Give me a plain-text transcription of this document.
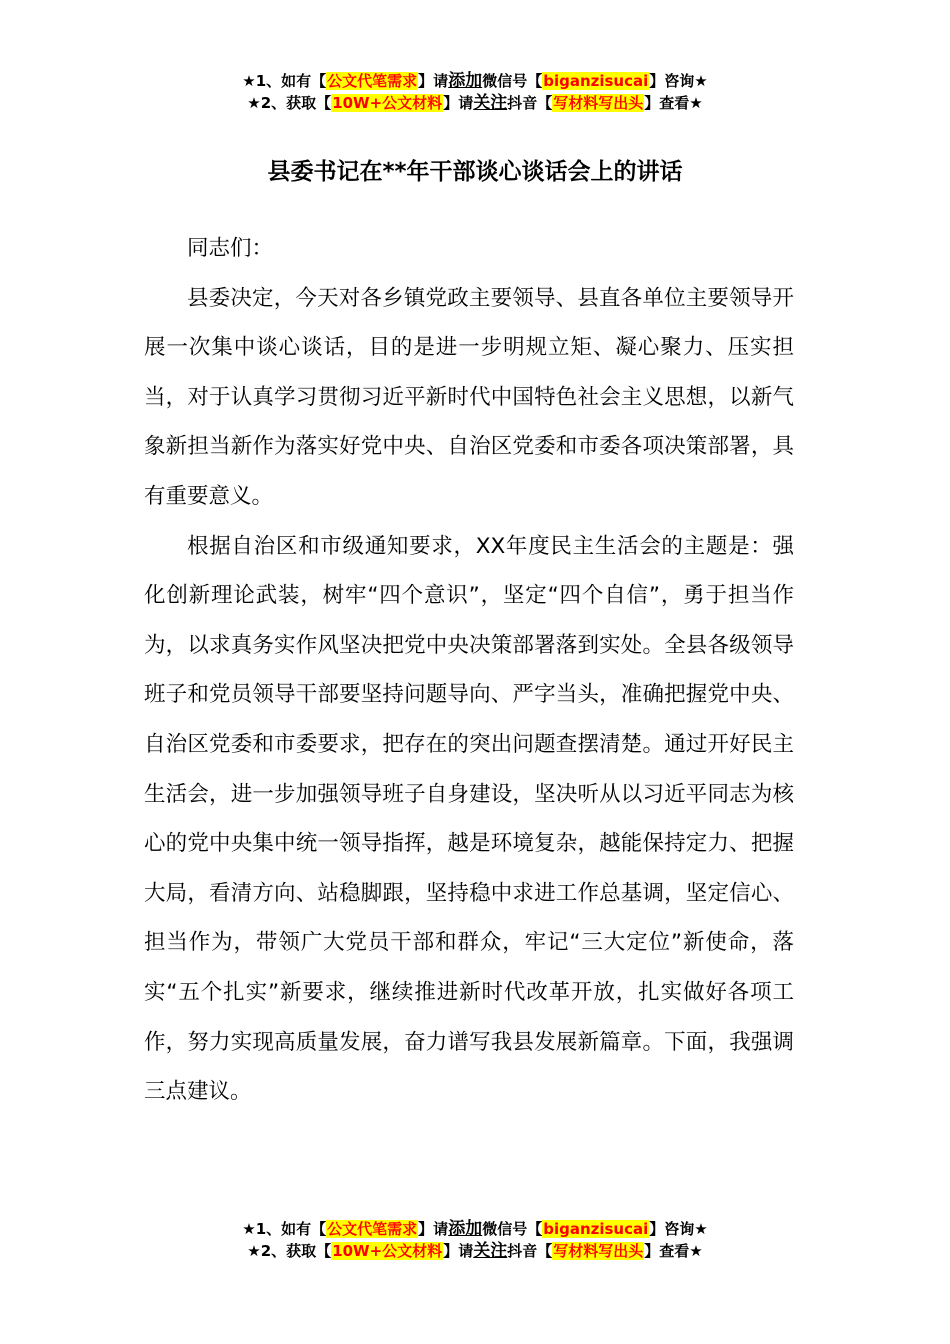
★1、如有【公文代笔需求】请添加微信号【biganzisucai】咨询★
★2、获取【10W+公文材料】请关注抖音【写材料写出头】查看★
县委书记在**年干部谈心谈话会上的讲话

同志们：

县委决定，今天对各乡镇党政主要领导、县直各单位主要领导开展一次集中谈心谈话，目的是进一步明规立矩、凝心聚力、压实担当，对于认真学习贯彻习近平新时代中国特色社会主义思想，以新气象新担当新作为落实好党中央、自治区党委和市委各项决策部署，具有重要意义。

根据自治区和市级通知要求，XX年度民主生活会的主题是：强化创新理论武装，树牢“四个意识”，坚定“四个自信”，勇于担当作为，以求真务实作风坚决把党中央决策部署落到实处。全县各级领导班子和党员领导干部要坚持问题导向、严字当头，准确把握党中央、自治区党委和市委要求，把存在的突出问题查摆清楚。通过开好民主生活会，进一步加强领导班子自身建设，坚决听从以习近平同志为核心的党中央集中统一领导指挥，越是环境复杂，越能保持定力、把握大局，看清方向、站稳脚跟，坚持稳中求进工作总基调，坚定信心、担当作为，带领广大党员干部和群众，牢记“三大定位”新使命，落实“五个扎实”新要求，继续推进新时代改革开放，扎实做好各项工作，努力实现高质量发展，奋力谱写我县发展新篇章。下面，我强调三点建议。

★1、如有【公文代笔需求】请添加微信号【biganzisucai】咨询★
★2、获取【10W+公文材料】请关注抖音【写材料写出头】查看★
